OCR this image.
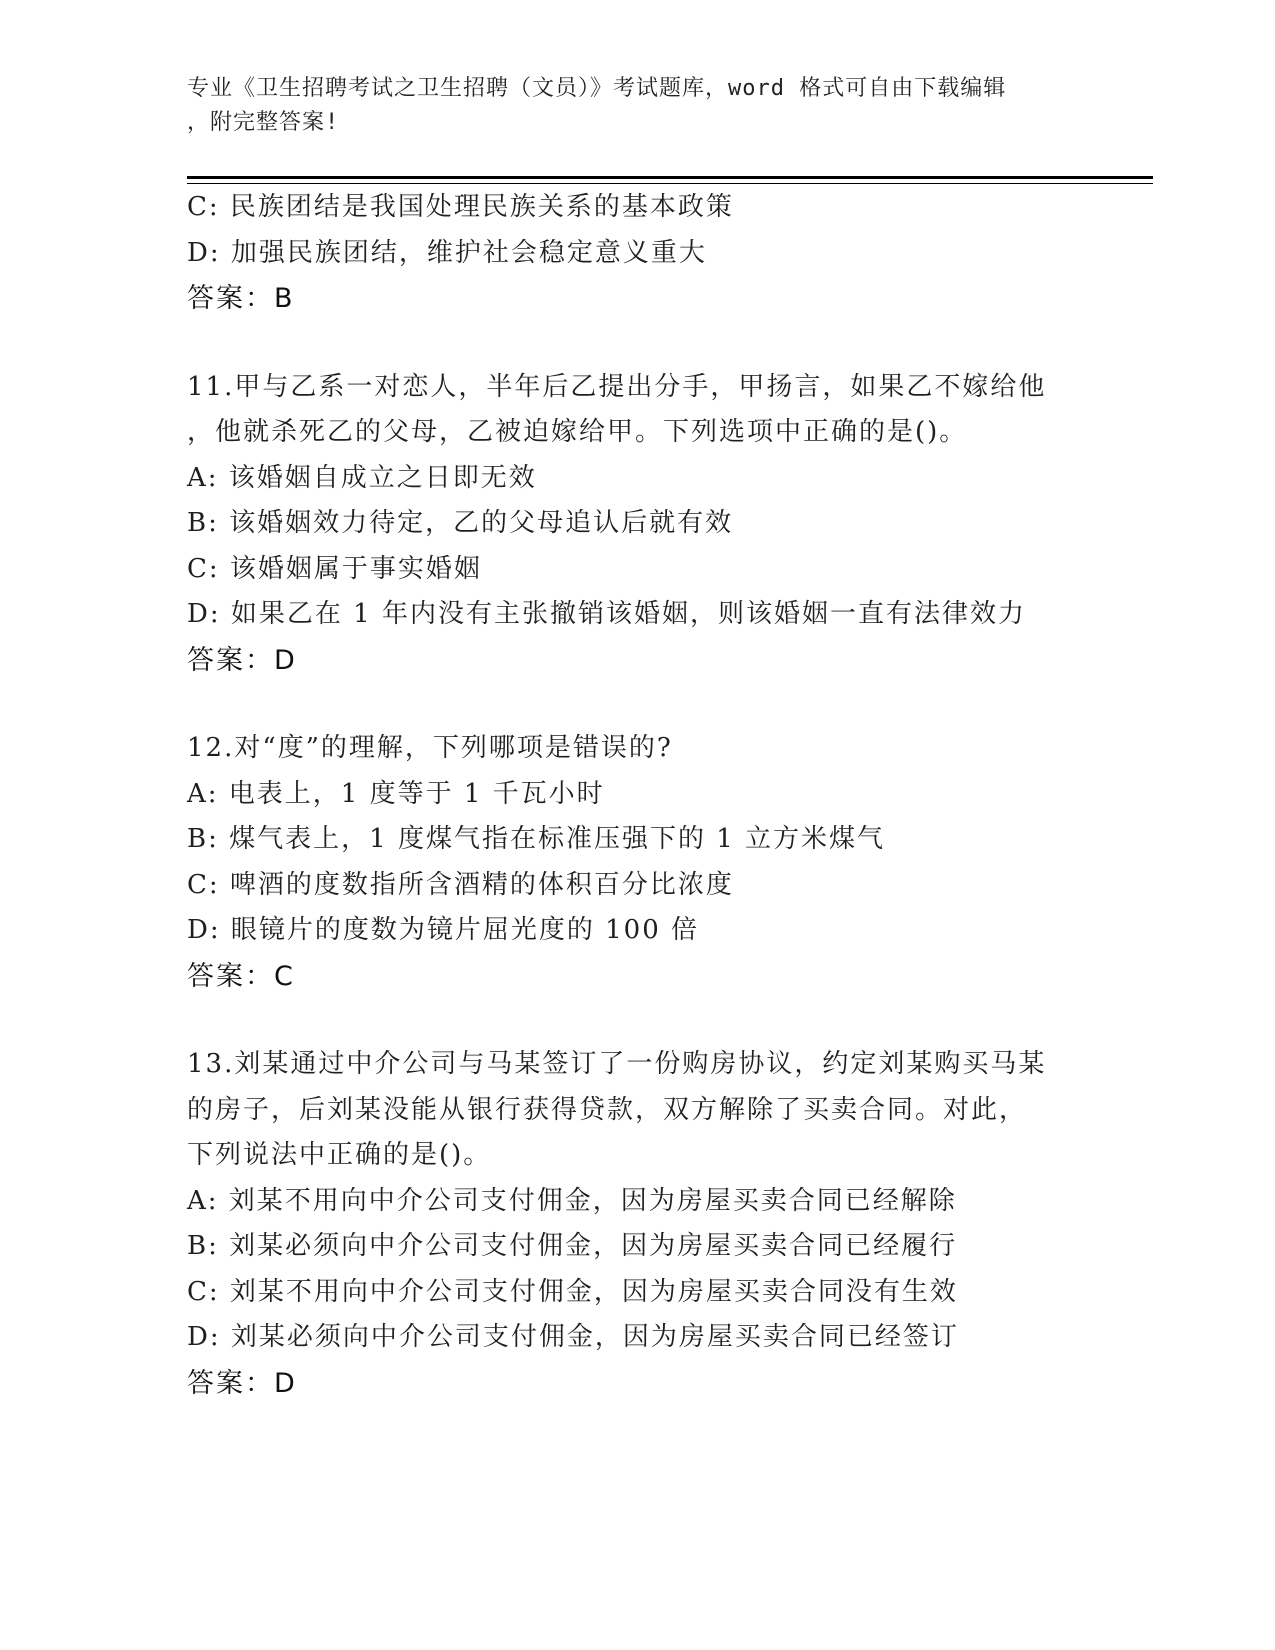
专业《卫生招聘考试之卫生招聘（文员）》考试题库，word 格式可自由下载编辑

，附完整答案!

C: 民族团结是我国处理民族关系的基本政策

D: 加强民族团结，维护社会稳定意义重大

答案：B

11.甲与乙系一对恋人，半年后乙提出分手，甲扬言，如果乙不嫁给他

，他就杀死乙的父母，乙被迫嫁给甲。下列选项中正确的是()。

A: 该婚姻自成立之日即无效

B: 该婚姻效力待定，乙的父母追认后就有效

C: 该婚姻属于事实婚姻

D: 如果乙在 1 年内没有主张撤销该婚姻，则该婚姻一直有法律效力

答案：D

12.对“度”的理解，下列哪项是错误的?

A: 电表上，1 度等于 1 千瓦小时

B: 煤气表上，1 度煤气指在标准压强下的 1 立方米煤气

C: 啤酒的度数指所含酒精的体积百分比浓度

D: 眼镜片的度数为镜片屈光度的 100 倍

答案：C

13.刘某通过中介公司与马某签订了一份购房协议，约定刘某购买马某

的房子，后刘某没能从银行获得贷款，双方解除了买卖合同。对此，

下列说法中正确的是()。

A: 刘某不用向中介公司支付佣金，因为房屋买卖合同已经解除

B: 刘某必须向中介公司支付佣金，因为房屋买卖合同已经履行

C: 刘某不用向中介公司支付佣金，因为房屋买卖合同没有生效

D: 刘某必须向中介公司支付佣金，因为房屋买卖合同已经签订

答案：D
